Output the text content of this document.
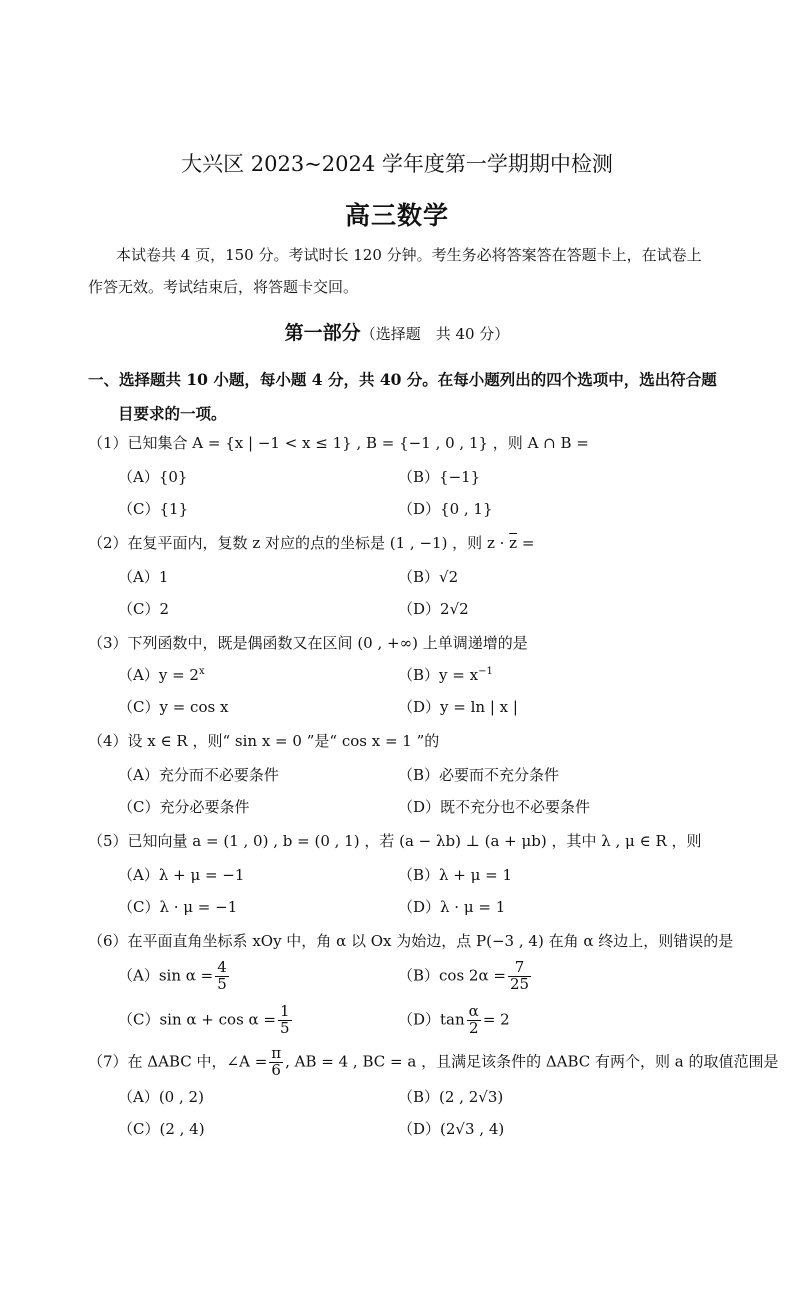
大兴区 2023~2024 学年度第一学期期中检测
高三数学
本试卷共 4 页，150 分。考试时长 120 分钟。考生务必将答案答在答题卡上，在试卷上
作答无效。考试结束后，将答题卡交回。
第一部分（选择题　共 40 分）
一、选择题共 10 小题，每小题 4 分，共 40 分。在每小题列出的四个选项中，选出符合题
目要求的一项。
（1）已知集合 A = {x | −1 < x ≤ 1} , B = {−1 , 0 , 1} ，则 A ∩ B =
（A）{0}	（B）{−1}
（C）{1}	（D）{0 , 1}
（2）在复平面内，复数 z 对应的点的坐标是 (1 , −1) ，则 $z \cdot \overline{z}$ =
（A）1	（B）√2
（C）2	（D）2√2
（3）下列函数中，既是偶函数又在区间 (0 , +∞) 上单调递增的是
$(A)y = 2^x$	$(B)y = x^{-1}$
（C）y = cos x	（D）y = ln | x |
（4）设 x ∈ R ，则“ sin x = 0 ”是“ cos x = 1 ”的
（A）充分而不必要条件	（B）必要而不充分条件
（C）充分必要条件	（D）既不充分也不必要条件
（5）已知向量 a = (1 , 0) , b = (0 , 1) ，若 (a − λb) ⊥ (a + μb) ，其中 λ , μ ∈ R ，则
（A）λ + μ = −1	（B）λ + μ = 1
（C）λ · μ = −1	（D）λ · μ = 1
（6）在平面直角坐标系 xOy 中，角 α 以 Ox 为始边，点 P(−3 , 4) 在角 α 终边上，则错误的是
（A）sin $\alpha = \frac{4}{5}$	（B）cos $2\alpha = \frac{7}{25}$
（C）sin $\alpha + \cos \alpha = \frac{1}{5}$	$(D)\tan \frac{\alpha}{2} = 2$
（7）在 ΔABC 中，∠A = $\frac{\pi}{6}$ , AB = 4 , BC = a ，且满足该条件的 ΔABC 有两个，则 a 的取值范围是
（A）(0 , 2)	（B）(2 , 2√3)
（C）(2 , 4)	（D）(2√3 , 4)
